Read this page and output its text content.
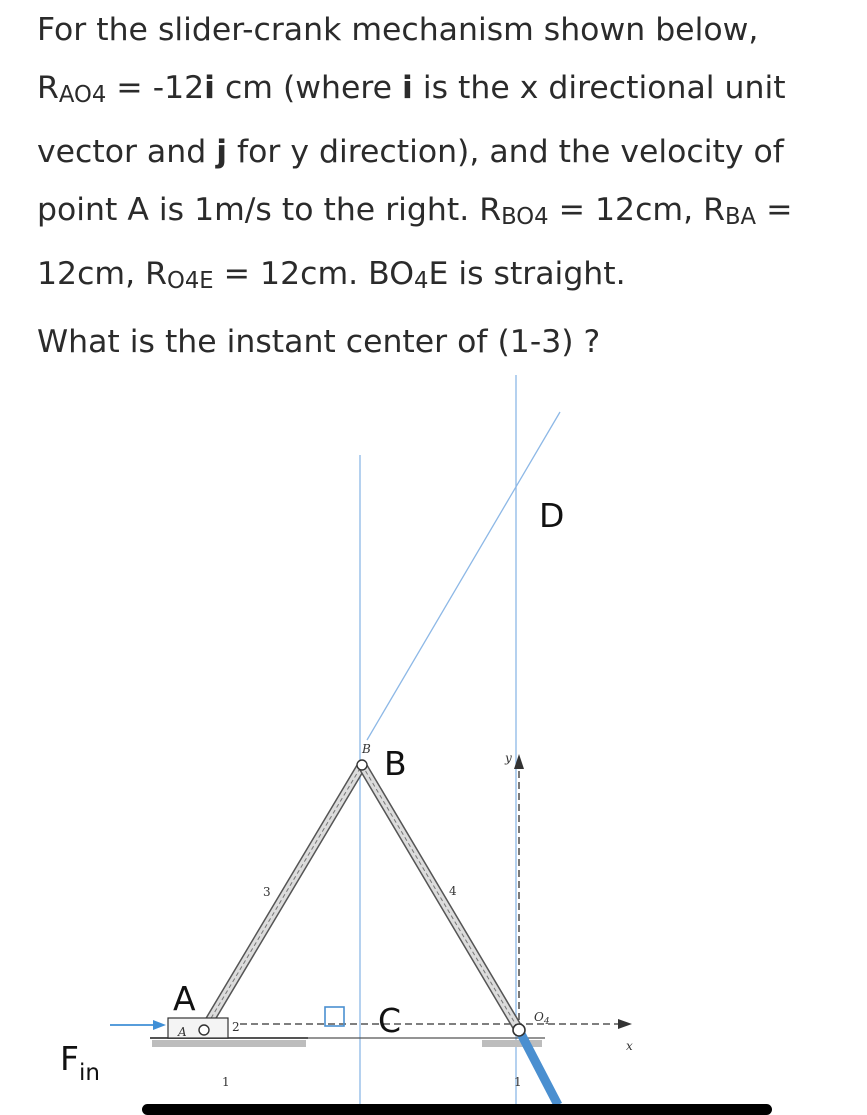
For the slider-crank mechanism shown below, RAO4 = -12i cm (where i is the x directional unit vector and j for y direction), and the velocity of point A is 1m/s to the right. RBO4 = 12cm, RBA = 12cm, RO4E = 12cm. BO4E is straight.

What is the instant center of (1-3) ?
D
B
C
A
$F_{in}$
B
A
$O_4$
x
y
1	1
2
3	4
